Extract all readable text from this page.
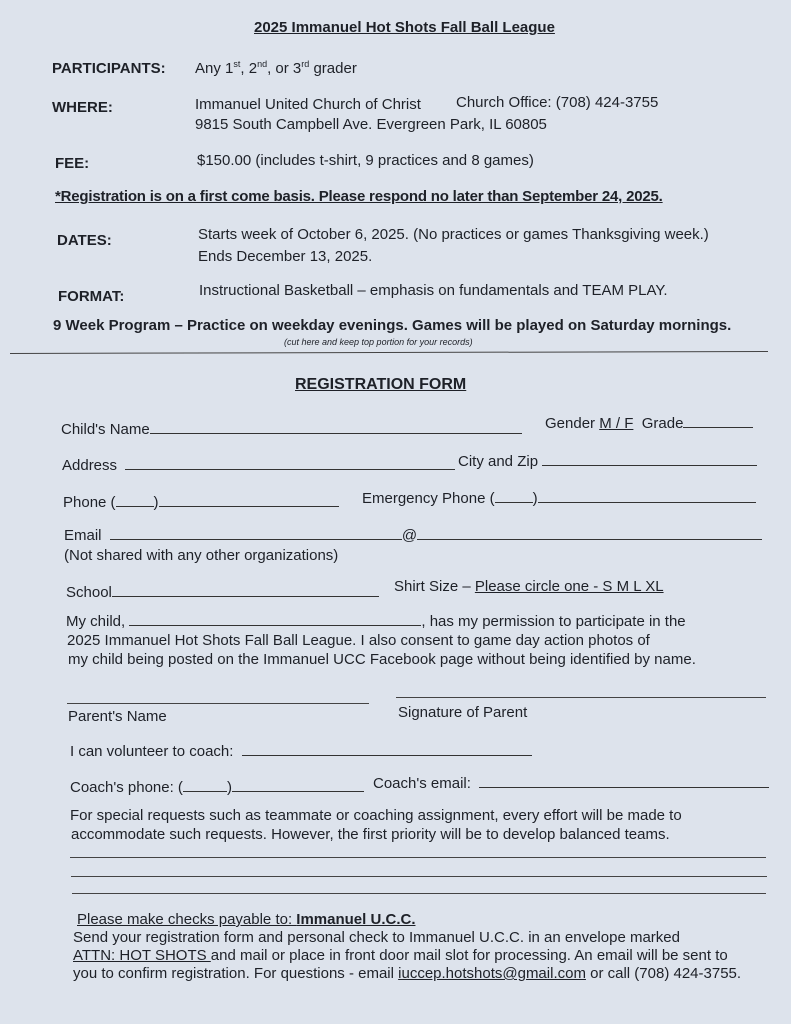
2025 Immanuel Hot Shots Fall Ball League
PARTICIPANTS: Any 1st, 2nd, or 3rd grader
WHERE:	Immanuel United Church of Christ Church Office: (708) 424-3755
9815 South Campbell Ave. Evergreen Park, IL 60805
FEE:	$150.00 (includes t-shirt, 9 practices and 8 games)
*Registration is on a first come basis. Please respond no later than September 24, 2025.
DATES:	Starts week of October 6, 2025. (No practices or games Thanksgiving week.)
Ends December 13, 2025.
FORMAT:	Instructional Basketball – emphasis on fundamentals and TEAM PLAY.
9 Week Program – Practice on weekday evenings. Games will be played on Saturday mornings.
(cut here and keep top portion for your records)
REGISTRATION FORM
Child's Name	Gender M / F Grade
Address	City and Zip
Phone (	)	Emergency Phone (	)
Email	@
(Not shared with any other organizations)
School	Shirt Size – Please circle one - S M L XL
My child,	, has my permission to participate in the
2025 Immanuel Hot Shots Fall Ball League. I also consent to game day action photos of
my child being posted on the Immanuel UCC Facebook page without being identified by name.
Parent's Name	Signature of Parent
I can volunteer to coach:
Coach's phone: (	)	Coach's email:
For special requests such as teammate or coaching assignment, every effort will be made to
accommodate such requests. However, the first priority will be to develop balanced teams.
Please make checks payable to: Immanuel U.C.C.
Send your registration form and personal check to Immanuel U.C.C. in an envelope marked
ATTN: HOT SHOTS and mail or place in front door mail slot for processing. An email will be sent to
you to confirm registration. For questions - email iuccep.hotshots@gmail.com or call (708) 424-3755.
